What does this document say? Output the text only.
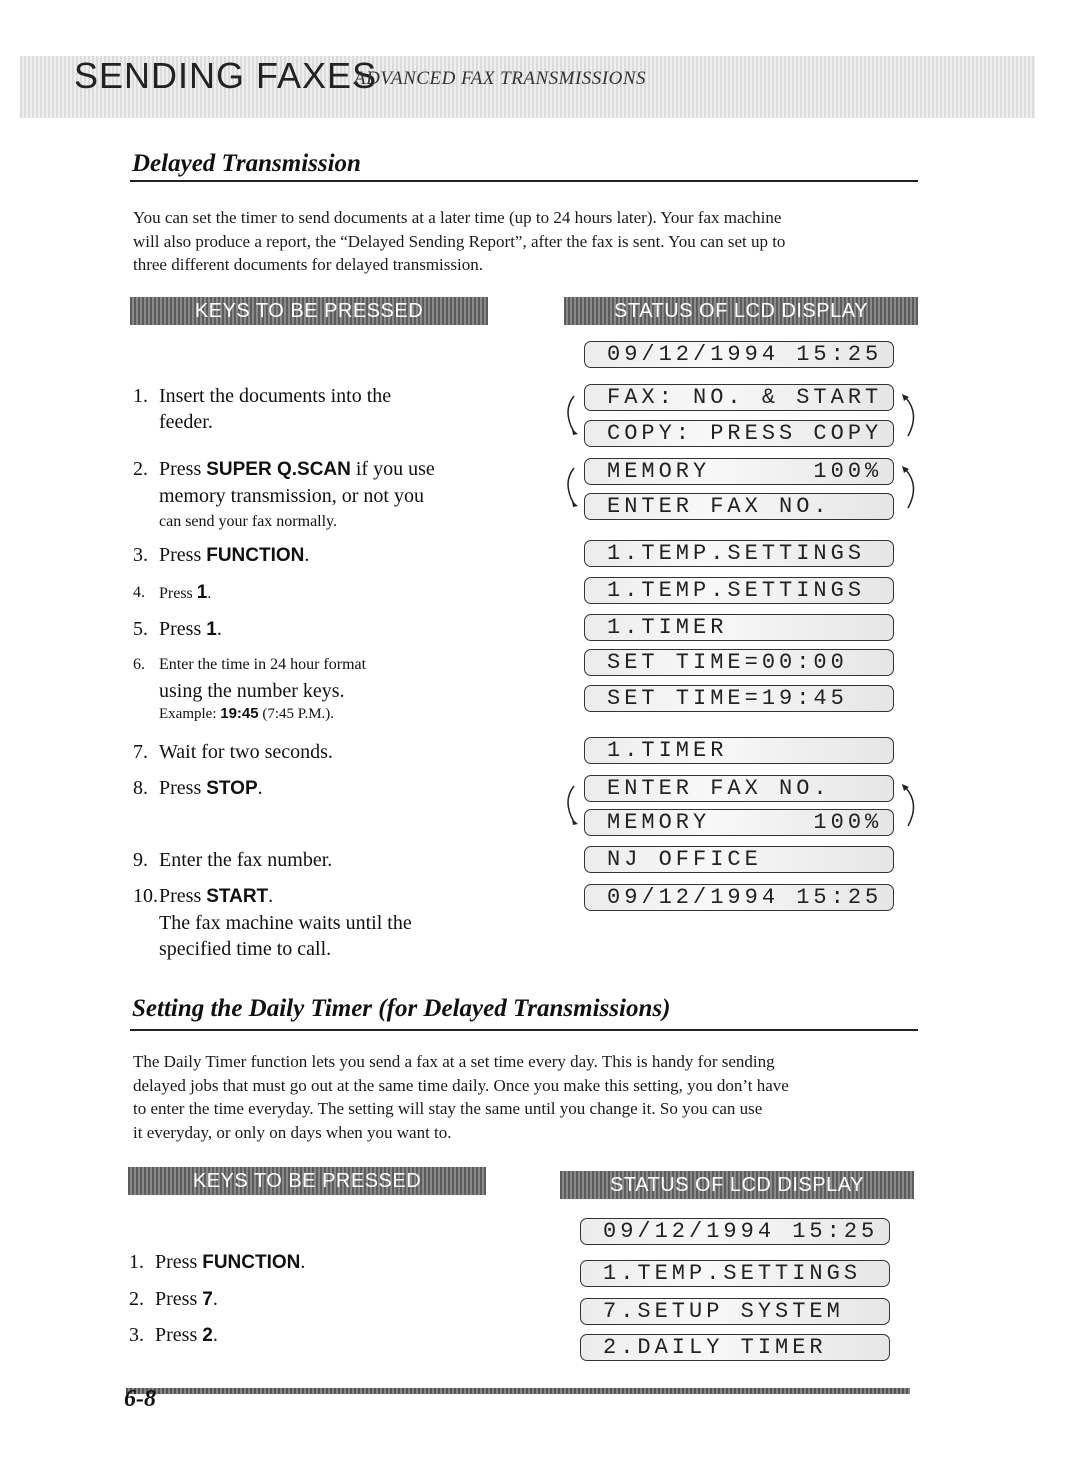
SENDING FAXES
ADVANCED FAX TRANSMISSIONS
Delayed Transmission
You can set the timer to send documents at a later time (up to 24 hours later). Your fax machine
will also produce a report, the “Delayed Sending Report”, after the fax is sent. You can set up to
three different documents for delayed transmission.
KEYS TO BE PRESSED	STATUS OF LCD DISPLAY
1. Insert the documents into the
feeder.
2. Press SUPER Q.SCAN if you use
memory transmission, or not you
can send your fax normally.
3. Press FUNCTION.
4. Press 1.
5. Press 1.
6. Enter the time in 24 hour format
using the number keys.
Example: 19:45 (7:45 P.M.).
7. Wait for two seconds.
8. Press STOP.
9. Enter the fax number.
10. Press START.
The fax machine waits until the
specified time to call.
09/12/1994 15:25
FAX: NO. & START
COPY: PRESS COPY
MEMORY      100%
ENTER FAX NO.
1.TEMP.SETTINGS
1.TEMP.SETTINGS
1.TIMER
SET TIME=00:00
SET TIME=19:45
1.TIMER
ENTER FAX NO.
MEMORY      100%
NJ OFFICE
09/12/1994 15:25
Setting the Daily Timer (for Delayed Transmissions)
The Daily Timer function lets you send a fax at a set time every day. This is handy for sending
delayed jobs that must go out at the same time daily. Once you make this setting, you don’t have
to enter the time everyday. The setting will stay the same until you change it. So you can use
it everyday, or only on days when you want to.
KEYS TO BE PRESSED	STATUS OF LCD DISPLAY
1. Press FUNCTION.
2. Press 7.
3. Press 2.
09/12/1994 15:25
1.TEMP.SETTINGS
7.SETUP SYSTEM
2.DAILY TIMER
6-8
